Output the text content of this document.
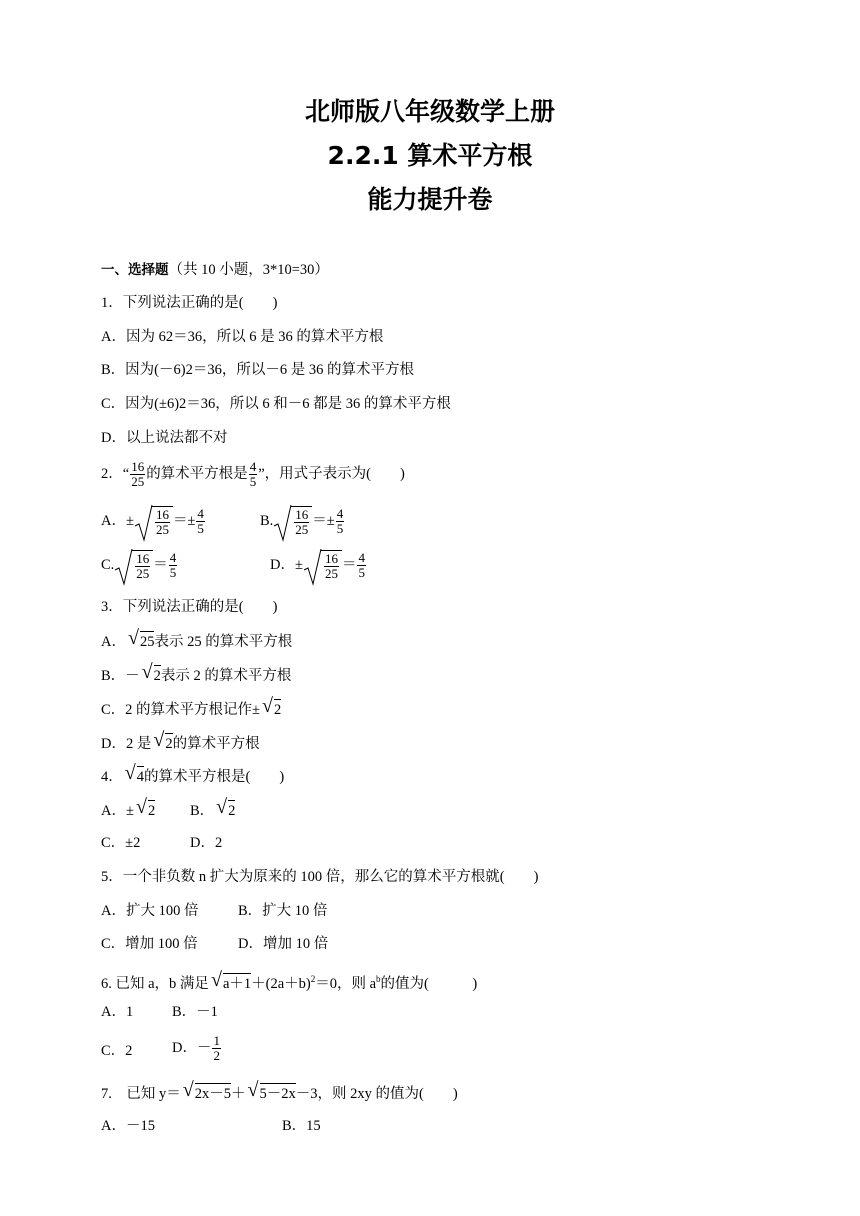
北师版八年级数学上册
2.2.1 算术平方根
能力提升卷
一、选择题（共 10 小题，3*10=30）
1．下列说法正确的是(　　)
A．因为 62＝36，所以 6 是 36 的算术平方根
B．因为(－6)2＝36，所以－6 是 36 的算术平方根
C．因为(±6)2＝36，所以 6 和－6 都是 36 的算术平方根
D．以上说法都不对
2．“ $\frac{16}{25}$ 的算术平方根是 $\frac{4}{5}$ ”，用式子表示为(　　)
A．± $\frac{16}{25} =\pm \frac{4}{5}$	B. $\frac{16}{25} =\pm \frac{4}{5}$
C. $\frac{16}{25} = \frac{4}{5}$	D．± $\frac{16}{25} = \frac{4}{5}$
3．下列说法正确的是(　　)
A． √ 25表示 25 的算术平方根
B．－ √ 2表示 2 的算术平方根
C．2 的算术平方根记作± √ 2
D．2 是 √ 2的算术平方根
4． √ 4的算术平方根是(　　)
A．± √ 2 B． √ 2
C．±2	D．2
5．一个非负数 n 扩大为原来的 100 倍，那么它的算术平方根就(　　)
A．扩大 100 倍	B．扩大 10 倍
C．增加 100 倍	D．增加 10 倍
6. 已知 a，b 满足 √ $a+1+(2a+b)^2=0$，则 $a^b$的值为(　　　)
A．1	B．－1
C．2	D．－ $\frac{1}{2}$
7.　已知 y＝ √ 2x－5＋ √ 5－2x－3，则 2xy 的值为(　　)
A．－15	B．15
